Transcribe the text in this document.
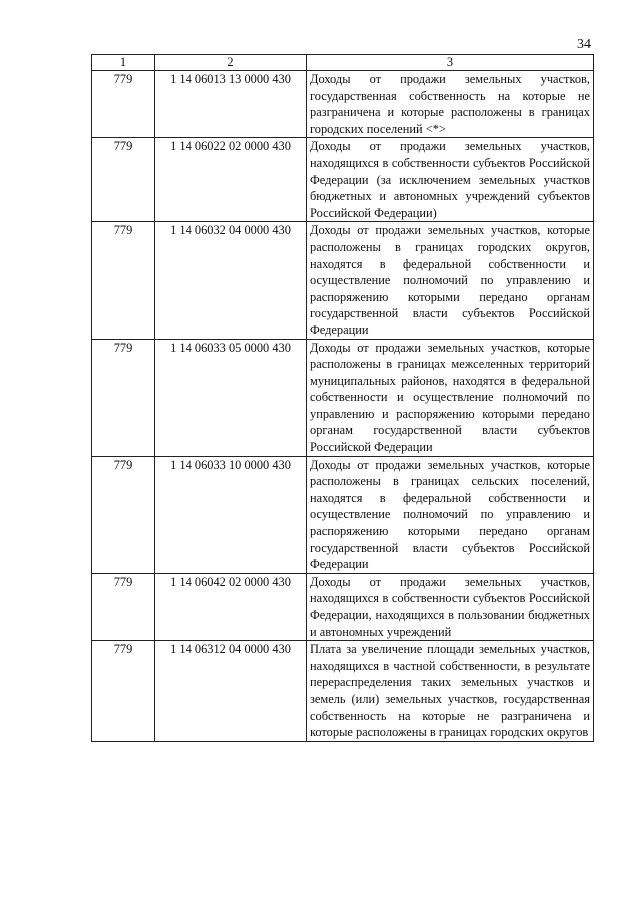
34
1	2	3
779	1 14 06013 13 0000 430	Доходы от продажи земельных участков, государственная собственность на которые не разграничена и которые расположены в границах городских поселений <*>
779	1 14 06022 02 0000 430	Доходы от продажи земельных участков, находящихся в собственности субъектов Российской Федерации (за исключением земельных участков бюджетных и автономных учреждений субъектов Российской Федерации)
779	1 14 06032 04 0000 430	Доходы от продажи земельных участков, которые расположены в границах городских округов, находятся в федеральной собственности и осуществление полномочий по управлению и распоряжению которыми передано органам государственной власти субъектов Российской Федерации
779	1 14 06033 05 0000 430	Доходы от продажи земельных участков, которые расположены в границах межселенных территорий муниципальных районов, находятся в федеральной собственности и осуществление полномочий по управлению и распоряжению которыми передано органам государственной власти субъектов Российской Федерации
779	1 14 06033 10 0000 430	Доходы от продажи земельных участков, которые расположены в границах сельских поселений, находятся в федеральной собственности и осуществление полномочий по управлению и распоряжению которыми передано органам государственной власти субъектов Российской Федерации
779	1 14 06042 02 0000 430	Доходы от продажи земельных участков, находящихся в собственности субъектов Российской Федерации, находящихся в пользовании бюджетных и автономных учреждений
779	1 14 06312 04 0000 430	Плата за увеличение площади земельных участков, находящихся в частной собственности, в результате перераспределения таких земельных участков и земель (или) земельных участков, государственная собственность на которые не разграничена и которые расположены в границах городских округов
